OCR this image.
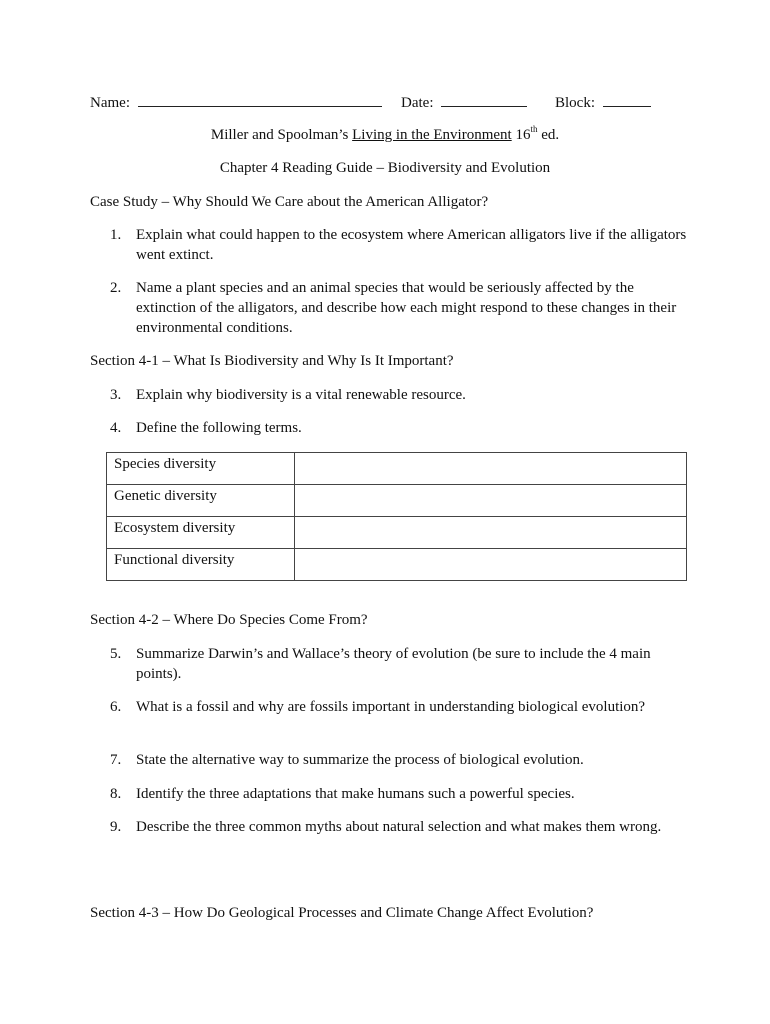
Name:	Date:	Block:
Miller and Spoolman’s Living in the Environment 16th ed.
Chapter 4 Reading Guide – Biodiversity and Evolution
Case Study – Why Should We Care about the American Alligator?
1. Explain what could happen to the ecosystem where American alligators live if the alligators went extinct.
2. Name a plant species and an animal species that would be seriously affected by the extinction of the alligators, and describe how each might respond to these changes in their environmental conditions.
Section 4-1 – What Is Biodiversity and Why Is It Important?
3. Explain why biodiversity is a vital renewable resource.
4. Define the following terms.
Species diversity	
Genetic diversity	
Ecosystem diversity	
Functional diversity	
Section 4-2 – Where Do Species Come From?
5. Summarize Darwin’s and Wallace’s theory of evolution (be sure to include the 4 main points).
6. What is a fossil and why are fossils important in understanding biological evolution?
7. State the alternative way to summarize the process of biological evolution.
8. Identify the three adaptations that make humans such a powerful species.
9. Describe the three common myths about natural selection and what makes them wrong.
Section 4-3 – How Do Geological Processes and Climate Change Affect Evolution?
